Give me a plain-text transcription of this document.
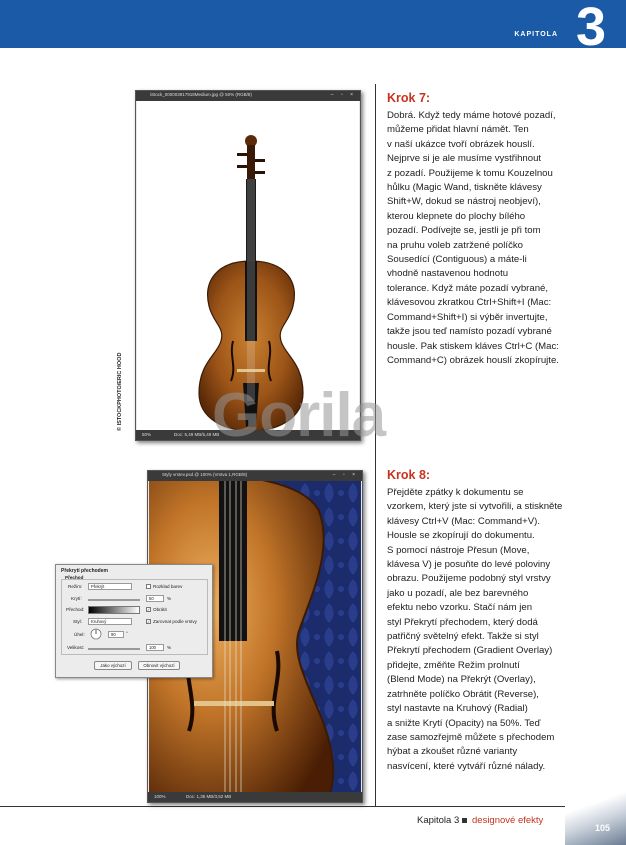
KAPITOLA 3
iStock_000003917918Medium.jpg @ 50% (RGB/8)	– ▫ ×
50%	Doc: 5,49 MB/5,49 MB
© ISTOCKPHOTO/ERIC HOOD
Styly vrstev.psd @ 100% (Vrstva 1,RGB/8)	– ▫ ×
100%	Doc: 1,35 MB/3,52 MB
Překrytí přechodem
Přechod
Režim:	Překrýt	Rozklad barev
Krytí:	50	%
Přechod:	✓ Obrátit
Styl:	Kruhový	✓ Zarovnat podle vrstvy
Úhel:	90	°
Velikost:	100	%
Jako výchozí	Obnovit výchozí
Gorila
Krok 7:
Dobrá. Když tedy máme hotové pozadí,
můžeme přidat hlavní námět. Ten
v naší ukázce tvoří obrázek houslí.
Nejprve si je ale musíme vystřihnout
z pozadí. Použijeme k tomu Kouzelnou
hůlku (Magic Wand, tiskněte klávesy
Shift+W, dokud se nástroj neobjeví),
kterou klepnete do plochy bílého
pozadí. Podívejte se, jestli je při tom
na pruhu voleb zatržené políčko
Sousedící (Contiguous) a máte-li
vhodně nastavenou hodnotu
tolerance. Když máte pozadí vybrané,
klávesovou zkratkou Ctrl+Shift+I (Mac:
Command+Shift+I) si výběr invertujte,
takže jsou teď namísto pozadí vybrané
housle. Pak stiskem kláves Ctrl+C (Mac:
Command+C) obrázek houslí zkopírujte.
Krok 8:
Přejděte zpátky k dokumentu se
vzorkem, který jste si vytvořili, a stiskněte
klávesy Ctrl+V (Mac: Command+V).
Housle se zkopírují do dokumentu.
S pomocí nástroje Přesun (Move,
klávesa V) je posuňte do levé poloviny
obrazu. Použijeme podobný styl vrstvy
jako u pozadí, ale bez barevného
efektu nebo vzorku. Stačí nám jen
styl Překrytí přechodem, který dodá
patřičný světelný efekt. Takže si styl
Překrytí přechodem (Gradient Overlay)
přidejte, změňte Režim prolnutí
(Blend Mode) na Překrýt (Overlay),
zatrhněte políčko Obrátit (Reverse),
styl nastavte na Kruhový (Radial)
a snižte Krytí (Opacity) na 50%. Teď
zase samozřejmě můžete s přechodem
hýbat a zkoušet různé varianty
nasvícení, které vytváří různé nálady.
Kapitola 3 designové efekty
105
